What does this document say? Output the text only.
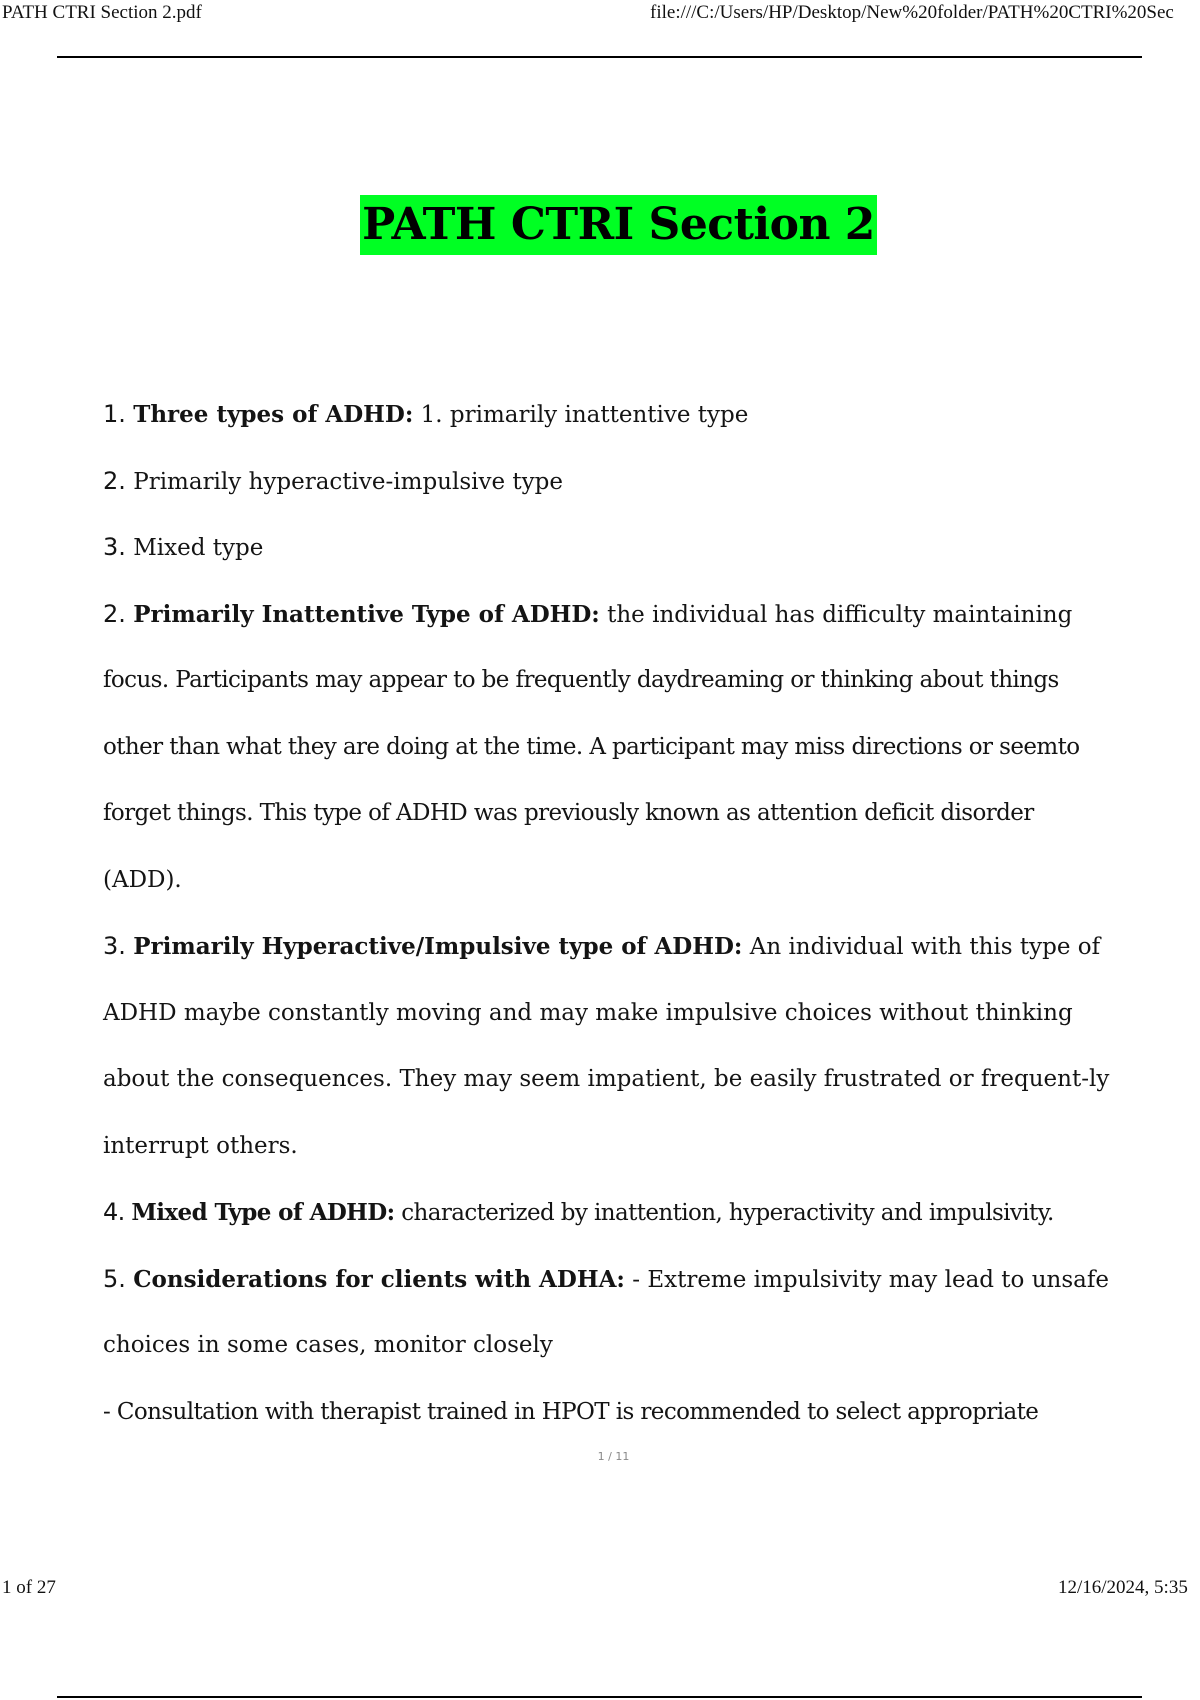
PATH CTRI Section 2.pdf	file:///C:/Users/HP/Desktop/New%20folder/PATH%20CTRI%20Sec
PATH CTRI Section 2
1. Three types of ADHD: 1. primarily inattentive type
2. Primarily hyperactive-impulsive type
3. Mixed type
2. Primarily Inattentive Type of ADHD: the individual has difficulty maintaining
focus. Participants may appear to be frequently daydreaming or thinking about things
other than what they are doing at the time. A participant may miss directions or seemto
forget things. This type of ADHD was previously known as attention deficit disorder
(ADD).
3. Primarily Hyperactive/Impulsive type of ADHD: An individual with this type of
ADHD maybe constantly moving and may make impulsive choices without thinking
about the consequences. They may seem impatient, be easily frustrated or frequent-ly
interrupt others.
4. Mixed Type of ADHD: characterized by inattention, hyperactivity and impulsivity.
5. Considerations for clients with ADHA: - Extreme impulsivity may lead to unsafe
choices in some cases, monitor closely
- Consultation with therapist trained in HPOT is recommended to select appropriate
1 / 11
1 of 27	12/16/2024, 5:35
